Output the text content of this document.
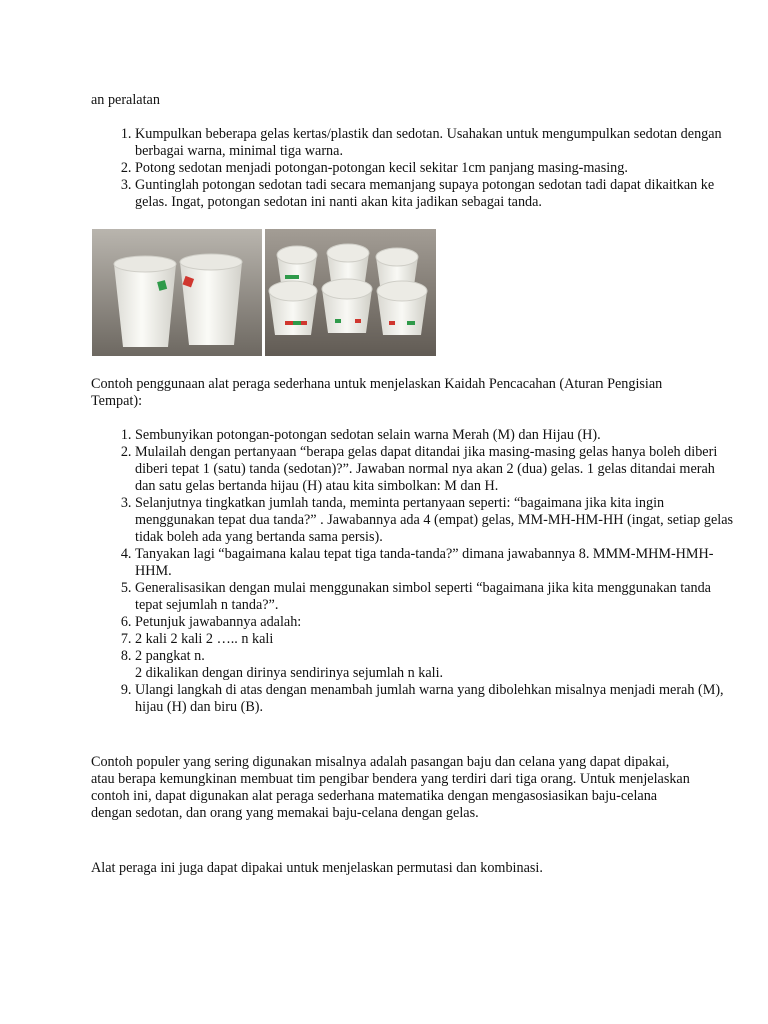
an peralatan

1. Kumpulkan beberapa gelas kertas/plastik dan sedotan. Usahakan untuk mengumpulkan sedotan dengan berbagai warna, minimal tiga warna.
2. Potong sedotan menjadi potongan-potongan kecil sekitar 1cm panjang masing-masing.
3. Guntinglah potongan sedotan tadi secara memanjang supaya potongan sedotan tadi dapat dikaitkan ke gelas. Ingat, potongan sedotan ini nanti akan kita jadikan sebagai tanda.

Contoh penggunaan alat peraga sederhana untuk menjelaskan Kaidah Pencacahan (Aturan Pengisian Tempat):

1. Sembunyikan potongan-potongan sedotan selain warna Merah (M) dan Hijau (H).
2. Mulailah dengan pertanyaan “berapa gelas dapat ditandai jika masing-masing gelas hanya boleh diberi diberi tepat 1 (satu) tanda (sedotan)?”. Jawaban normal nya akan 2 (dua) gelas. 1 gelas ditandai merah dan satu gelas bertanda hijau (H) atau kita simbolkan: M dan H.
3. Selanjutnya tingkatkan jumlah tanda, meminta pertanyaan seperti: “bagaimana jika kita ingin menggunakan tepat dua tanda?” . Jawabannya ada 4 (empat) gelas, MM-MH-HM-HH (ingat, setiap gelas tidak boleh ada yang bertanda sama persis).
4. Tanyakan lagi “bagaimana kalau tepat tiga tanda-tanda?” dimana jawabannya 8. MMM-MHM-HMH-HHM.
5. Generalisasikan dengan mulai menggunakan simbol seperti “bagaimana jika kita menggunakan tanda tepat sejumlah n tanda?”.
6. Petunjuk jawabannya adalah:
7. 2 kali 2 kali 2 ….. n kali
8. 2 pangkat n.
2 dikalikan dengan dirinya sendirinya sejumlah n kali.
9. Ulangi langkah di atas dengan menambah jumlah warna yang dibolehkan misalnya menjadi merah (M), hijau (H) dan biru (B).

Contoh populer yang sering digunakan misalnya adalah pasangan baju dan celana yang dapat dipakai, atau berapa kemungkinan membuat tim pengibar bendera yang terdiri dari tiga orang. Untuk menjelaskan contoh ini, dapat digunakan alat peraga sederhana matematika dengan mengasosiasikan baju-celana dengan sedotan, dan orang yang memakai baju-celana dengan gelas.

Alat peraga ini juga dapat dipakai untuk menjelaskan permutasi dan kombinasi.
